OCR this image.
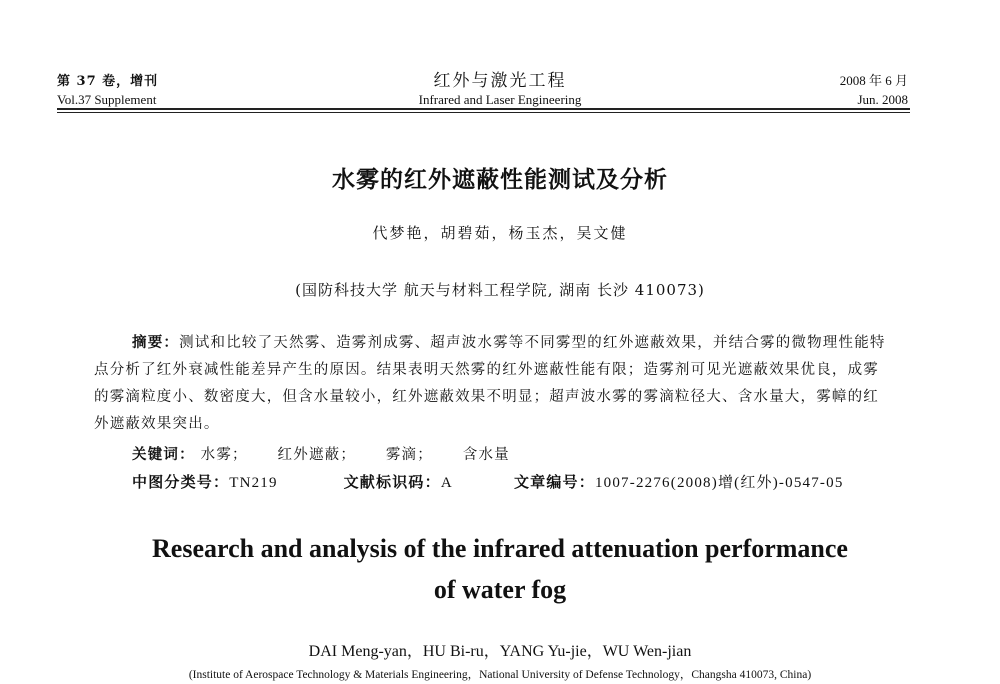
第 37 卷，增刊
Vol.37 Supplement
红外与激光工程
Infrared and Laser Engineering
2008 年 6 月
Jun. 2008
水雾的红外遮蔽性能测试及分析
代梦艳，胡碧茹，杨玉杰，吴文健
(国防科技大学 航天与材料工程学院, 湖南 长沙 410073)
摘要：测试和比较了天然雾、造雾剂成雾、超声波水雾等不同雾型的红外遮蔽效果，并结合雾的微物理性能特点分析了红外衰减性能差异产生的原因。结果表明天然雾的红外遮蔽性能有限；造雾剂可见光遮蔽效果优良，成雾的雾滴粒度小、数密度大，但含水量较小，红外遮蔽效果不明显；超声波水雾的雾滴粒径大、含水量大，雾幛的红外遮蔽效果突出。
关键词： 水雾； 红外遮蔽； 雾滴； 含水量
中图分类号：TN219	文献标识码：A	文章编号：1007-2276(2008)增(红外)-0547-05
Research and analysis of the infrared attenuation performance
of water fog
DAI Meng-yan，HU Bi-ru，YANG Yu-jie，WU Wen-jian
(Institute of Aerospace Technology & Materials Engineering，National University of Defense Technology，Changsha 410073, China)
